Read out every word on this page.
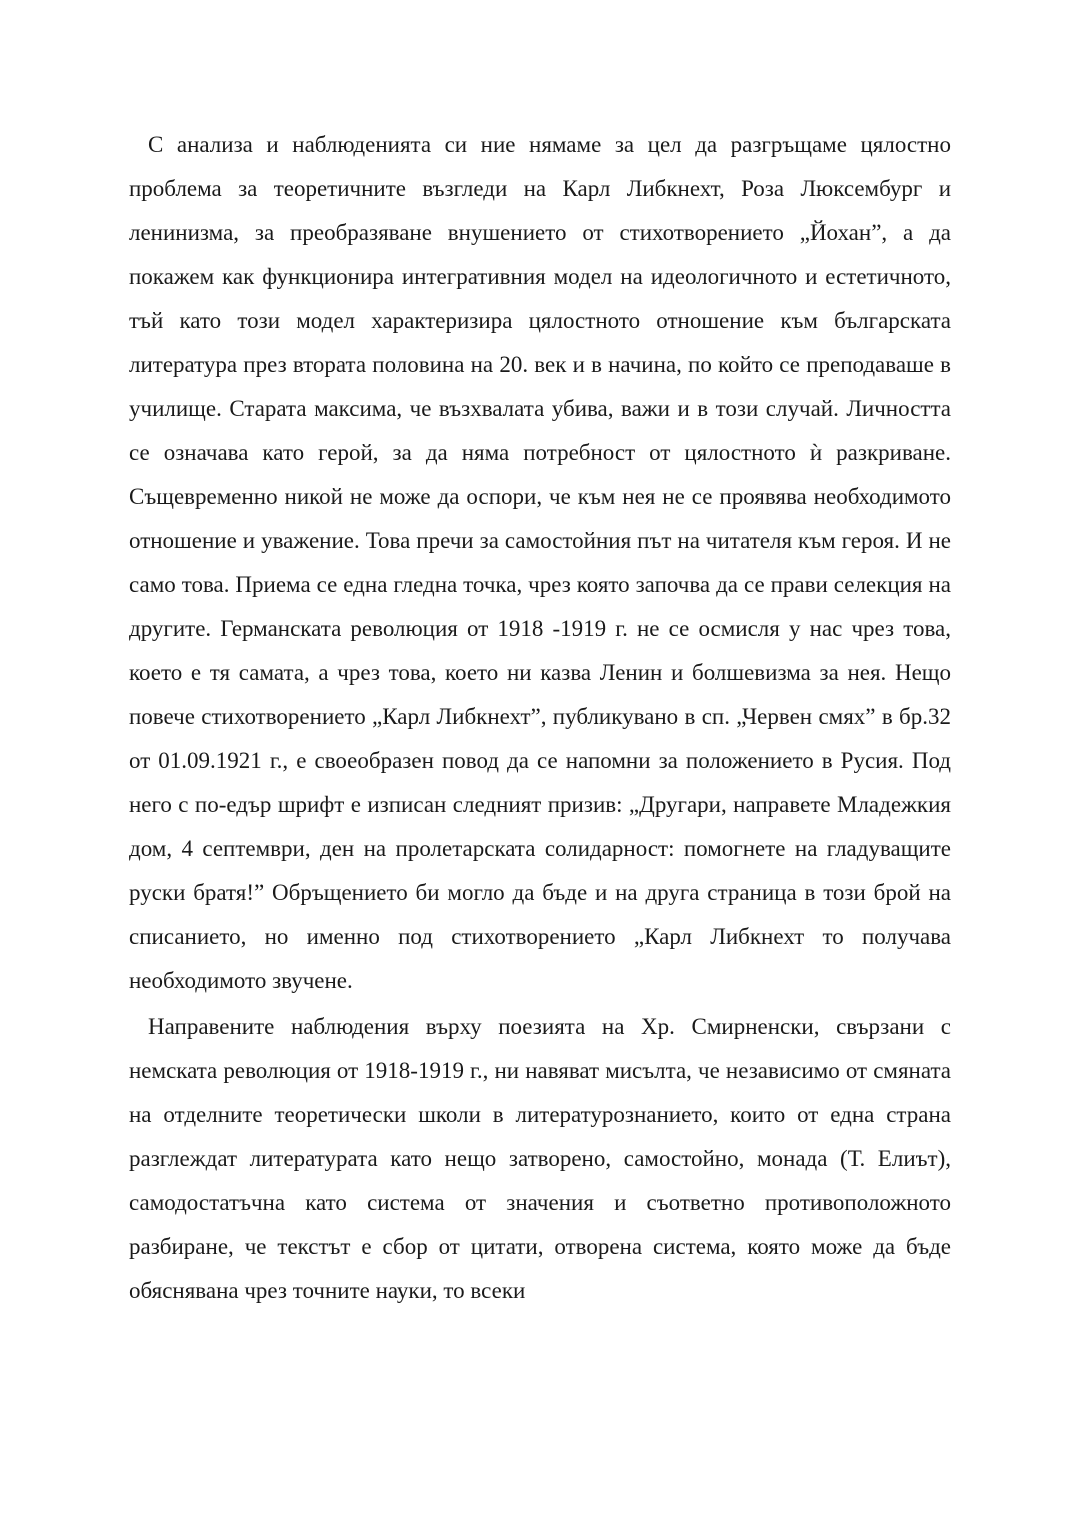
С анализа и наблюденията си ние нямаме за цел да разгръщаме цялостно проблема за теоретичните възгледи на Карл Либкнехт, Роза Люксембург и ленинизма, за преобразяване внушението от стихотворението „Йохан”, а да покажем как функционира интегративния модел на идеологичното и естетичното, тъй като този модел характеризира цялостното отношение към българската литература през втората половина на 20. век и в начина, по който се преподаваше в училище. Старата максима, че възхвалата убива, важи и в този случай. Личността се означава като герой, за да няма потребност от цялостното ѝ разкриване. Същевременно никой не може да оспори, че към нея не се проявява необходимото отношение и уважение. Това пречи за самостойния път на читателя към героя. И не само това. Приема се една гледна точка, чрез която започва да се прави селекция на другите. Германската революция от 1918 -1919 г. не се осмисля у нас чрез това, което е тя самата, а чрез това, което ни казва Ленин и болшевизма за нея. Нещо повече стихотворението „Карл Либкнехт”, публикувано в сп. „Червен смях” в бр.32 от 01.09.1921 г., е своеобразен повод да се напомни за положението в Русия. Под него с по-едър шрифт е изписан следният призив: „Другари, направете Младежкия дом, 4 септември, ден на пролетарската солидарност: помогнете на гладуващите руски братя!” Обръщението би могло да бъде и на друга страница в този брой на списанието, но именно под стихотворението „Карл Либкнехт то получава необходимото звучене.

Направените наблюдения върху поезията на Хр. Смирненски, свързани с немската революция от 1918-1919 г., ни навяват мисълта, че независимо от смяната на отделните теоретически школи в литературознанието, които от една страна разглеждат литературата като нещо затворено, самостойно, монада (Т. Елиът), самодостатъчна като система от значения и съответно противоположното разбиране, че текстът е сбор от цитати, отворена система, която може да бъде обяснявана чрез точните науки, то всеки
